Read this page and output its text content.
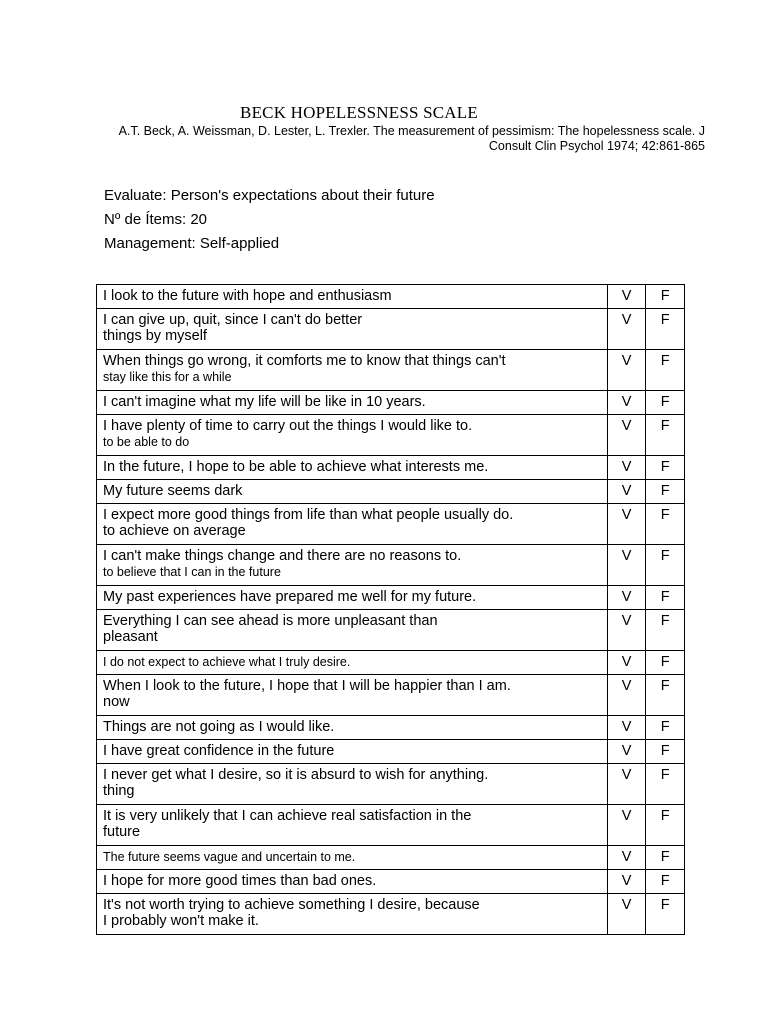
BECK HOPELESSNESS SCALE
A.T. Beck, A. Weissman, D. Lester, L. Trexler. The measurement of pessimism: The hopelessness scale. J
Consult Clin Psychol 1974; 42:861-865
Evaluate: Person's expectations about their future
Nº de Ítems: 20
Management: Self-applied
I look to the future with hope and enthusiasm	V	F
I can give up, quit, since I can't do better
things by myself	V	F
When things go wrong, it comforts me to know that things can't
stay like this for a while	V	F
I can't imagine what my life will be like in 10 years.	V	F
I have plenty of time to carry out the things I would like to.
to be able to do	V	F
In the future, I hope to be able to achieve what interests me.	V	F
My future seems dark	V	F
I expect more good things from life than what people usually do.
to achieve on average	V	F
I can't make things change and there are no reasons to.
to believe that I can in the future	V	F
My past experiences have prepared me well for my future.	V	F
Everything I can see ahead is more unpleasant than
pleasant	V	F
I do not expect to achieve what I truly desire.	V	F
When I look to the future, I hope that I will be happier than I am.
now	V	F
Things are not going as I would like.	V	F
I have great confidence in the future	V	F
I never get what I desire, so it is absurd to wish for anything.
thing	V	F
It is very unlikely that I can achieve real satisfaction in the
future	V	F
The future seems vague and uncertain to me.	V	F
I hope for more good times than bad ones.	V	F
It's not worth trying to achieve something I desire, because
I probably won't make it.	V	F
